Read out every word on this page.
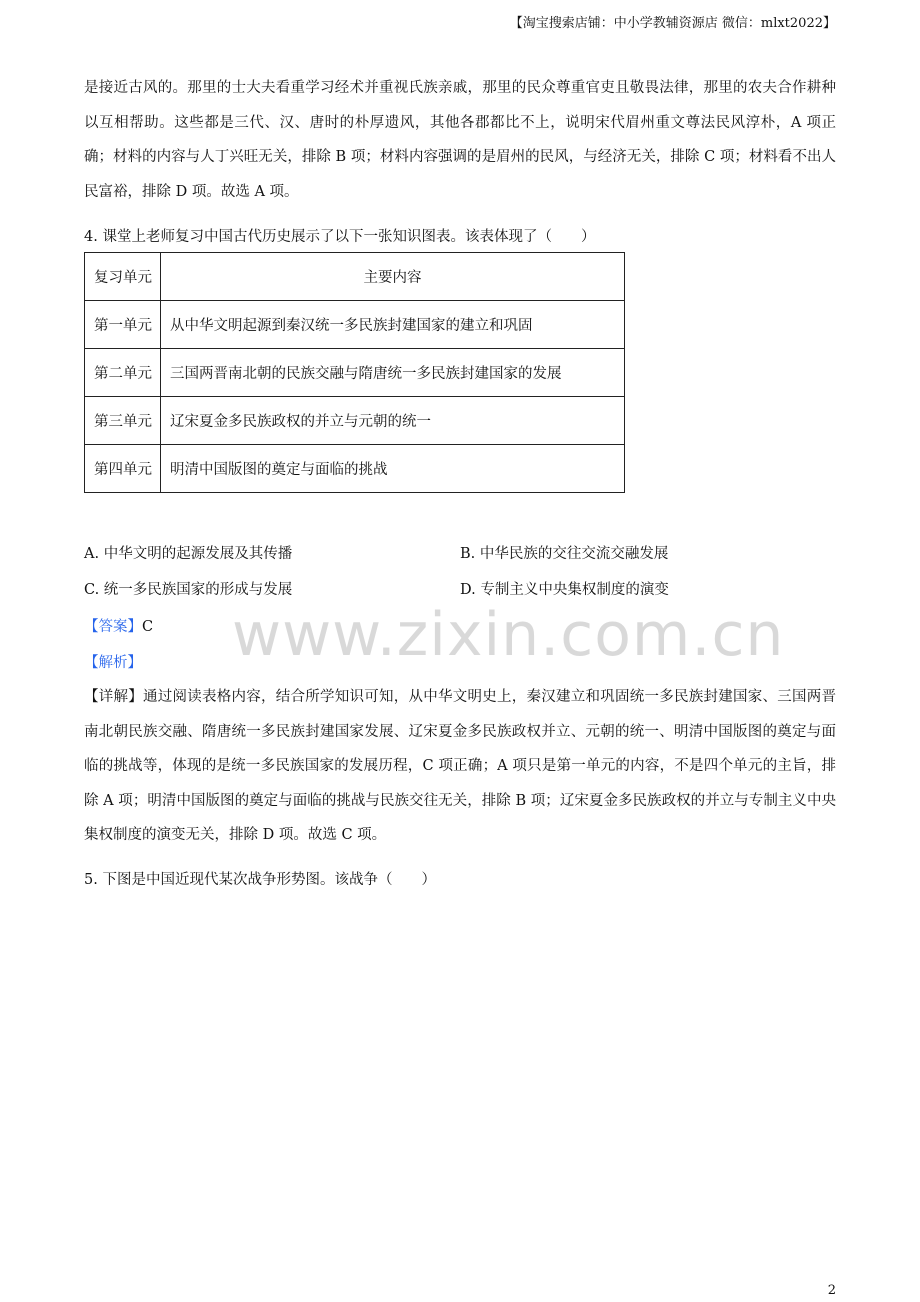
【淘宝搜索店铺：中小学教辅资源店 微信：mlxt2022】
是接近古风的。那里的士大夫看重学习经术并重视氏族亲戚，那里的民众尊重官吏且敬畏法律，那里的农夫合作耕种以互相帮助。这些都是三代、汉、唐时的朴厚遗风，其他各郡都比不上，说明宋代眉州重文尊法民风淳朴，A 项正确；材料的内容与人丁兴旺无关，排除 B 项；材料内容强调的是眉州的民风，与经济无关，排除 C 项；材料看不出人民富裕，排除 D 项。故选 A 项。
4. 课堂上老师复习中国古代历史展示了以下一张知识图表。该表体现了（　　）
复习单元	主要内容
第一单元	从中华文明起源到秦汉统一多民族封建国家的建立和巩固
第二单元	三国两晋南北朝的民族交融与隋唐统一多民族封建国家的发展
第三单元	辽宋夏金多民族政权的并立与元朝的统一
第四单元	明清中国版图的奠定与面临的挑战
A. 中华文明的起源发展及其传播	B. 中华民族的交往交流交融发展
C. 统一多民族国家的形成与发展	D. 专制主义中央集权制度的演变
www.zixin.com.cn
【答案】C
【解析】
【详解】通过阅读表格内容，结合所学知识可知，从中华文明史上，秦汉建立和巩固统一多民族封建国家、三国两晋南北朝民族交融、隋唐统一多民族封建国家发展、辽宋夏金多民族政权并立、元朝的统一、明清中国版图的奠定与面临的挑战等，体现的是统一多民族国家的发展历程，C 项正确；A 项只是第一单元的内容，不是四个单元的主旨，排除 A 项；明清中国版图的奠定与面临的挑战与民族交往无关，排除 B 项；辽宋夏金多民族政权的并立与专制主义中央集权制度的演变无关，排除 D 项。故选 C 项。
5. 下图是中国近现代某次战争形势图。该战争（　　）
2
